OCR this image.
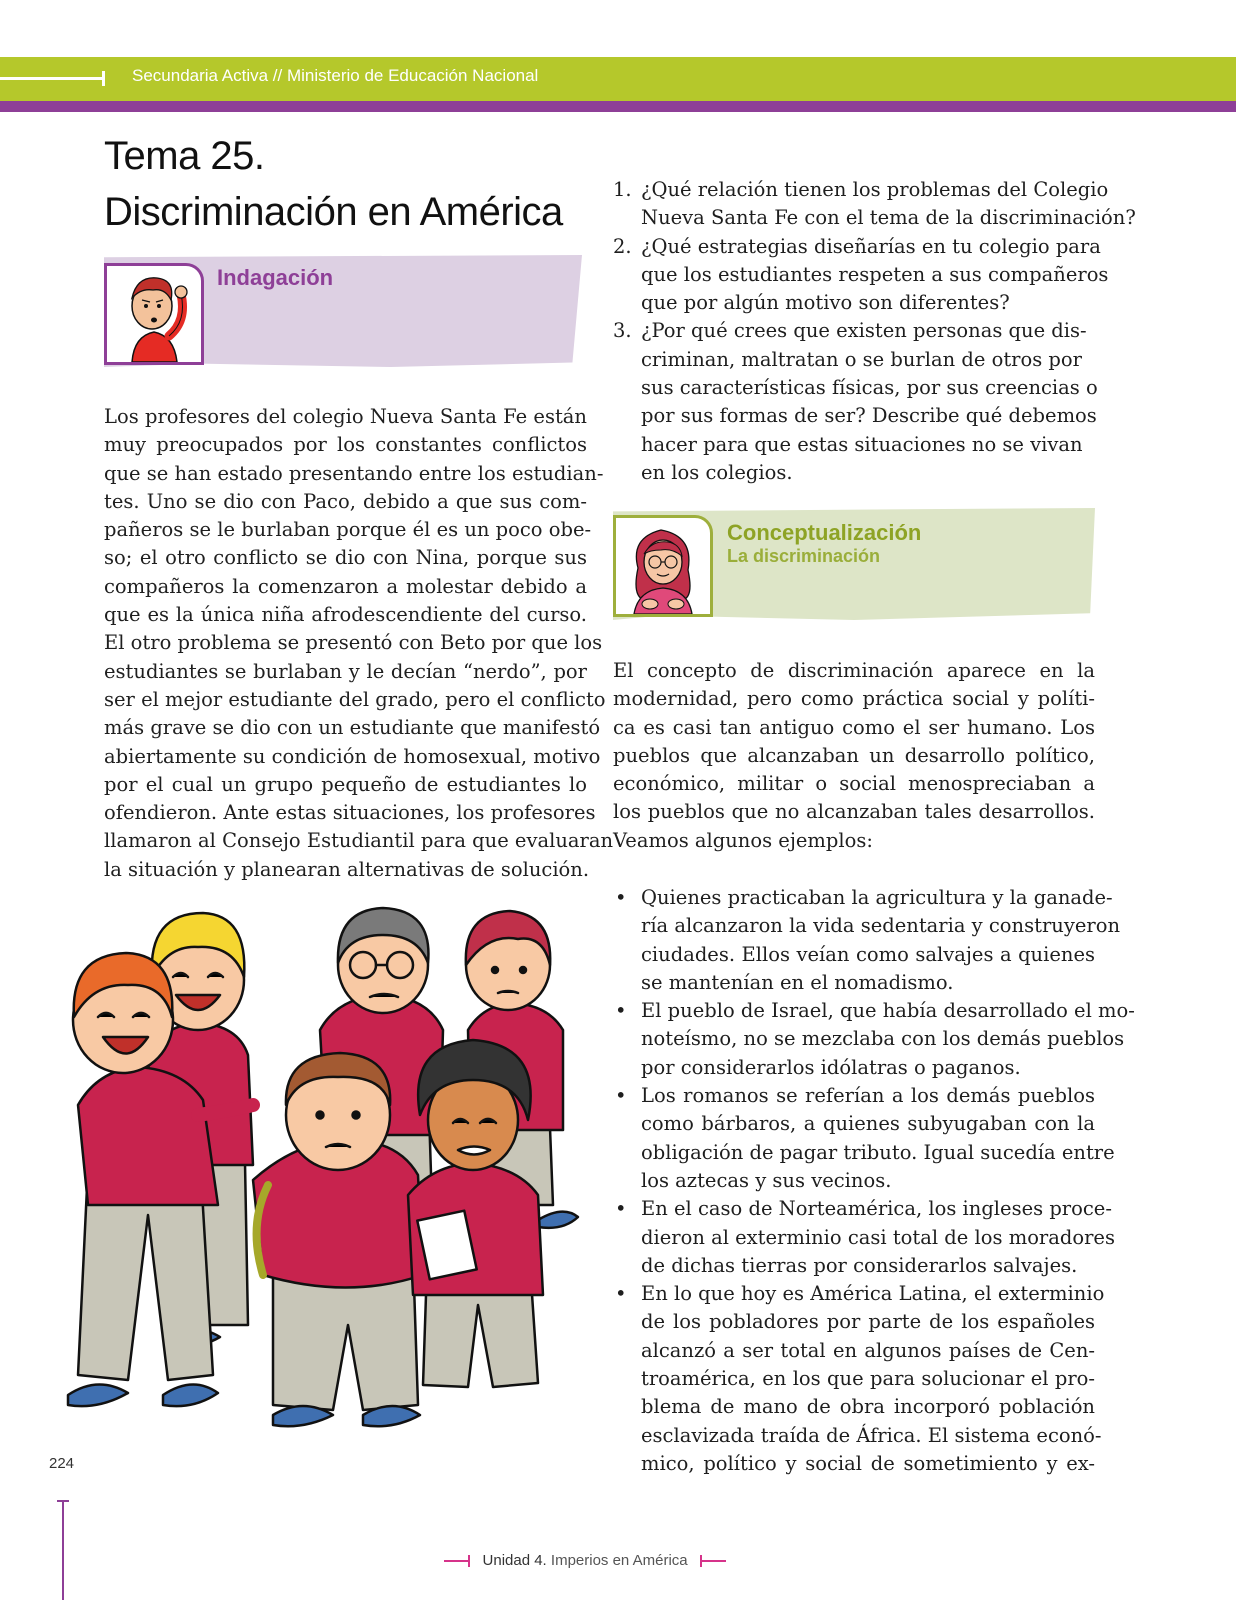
Secundaria Activa // Ministerio de Educación Nacional
Tema 25.
Discriminación en América
Indagación
Los profesores del colegio Nueva Santa Fe están
muy preocupados por los constantes conflictos
que se han estado presentando entre los estudian-
tes. Uno se dio con Paco, debido a que sus com-
pañeros se le burlaban porque él es un poco obe-
so; el otro conflicto se dio con Nina, porque sus
compañeros la comenzaron a molestar debido a
que es la única niña afrodescendiente del curso.
El otro problema se presentó con Beto por que los
estudiantes se burlaban y le decían “nerdo”, por
ser el mejor estudiante del grado, pero el conflicto
más grave se dio con un estudiante que manifestó
abiertamente su condición de homosexual, motivo
por el cual un grupo pequeño de estudiantes lo
ofendieron. Ante estas situaciones, los profesores
llamaron al Consejo Estudiantil para que evaluaran
la situación y planearan alternativas de solución.
1. ¿Qué relación tienen los problemas del Colegio
Nueva Santa Fe con el tema de la discriminación?
2. ¿Qué estrategias diseñarías en tu colegio para
que los estudiantes respeten a sus compañeros
que por algún motivo son diferentes?
3. ¿Por qué crees que existen personas que dis-
criminan, maltratan o se burlan de otros por
sus características físicas, por sus creencias o
por sus formas de ser? Describe qué debemos
hacer para que estas situaciones no se vivan
en los colegios.
Conceptualización
La discriminación
El concepto de discriminación aparece en la
modernidad, pero como práctica social y políti-
ca es casi tan antiguo como el ser humano. Los
pueblos que alcanzaban un desarrollo político,
económico, militar o social menospreciaban a
los pueblos que no alcanzaban tales desarrollos.
Veamos algunos ejemplos:
• Quienes practicaban la agricultura y la ganade-
ría alcanzaron la vida sedentaria y construyeron
ciudades. Ellos veían como salvajes a quienes
se mantenían en el nomadismo.
• El pueblo de Israel, que había desarrollado el mo-
noteísmo, no se mezclaba con los demás pueblos
por considerarlos idólatras o paganos.
• Los romanos se referían a los demás pueblos
como bárbaros, a quienes subyugaban con la
obligación de pagar tributo. Igual sucedía entre
los aztecas y sus vecinos.
• En el caso de Norteamérica, los ingleses proce-
dieron al exterminio casi total de los moradores
de dichas tierras por considerarlos salvajes.
• En lo que hoy es América Latina, el exterminio
de los pobladores por parte de los españoles
alcanzó a ser total en algunos países de Cen-
troamérica, en los que para solucionar el pro-
blema de mano de obra incorporó población
esclavizada traída de África. El sistema econó-
mico, político y social de sometimiento y ex-
224
Unidad 4. Imperios en América
